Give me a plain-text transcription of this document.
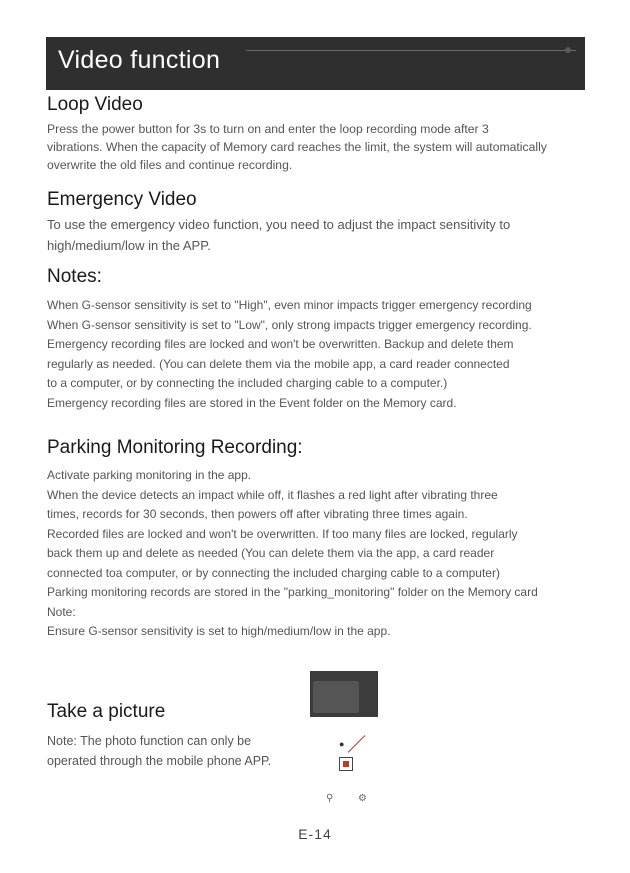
Video function
Loop Video
Press the power button for 3s to turn on and enter the loop recording mode after 3
vibrations. When the capacity of Memory card reaches the limit, the system will automatically
overwrite the old files and continue recording.
Emergency Video
To use the emergency video function, you need to adjust the impact sensitivity to
high/medium/low in the APP.
Notes:
When G-sensor sensitivity is set to "High", even minor impacts trigger emergency recording
When G-sensor sensitivity is set to "Low", only strong impacts trigger emergency recording.
Emergency recording files are locked and won't be overwritten. Backup and delete them
regularly as needed. (You can delete them via the mobile app, a card reader connected
to a computer, or by connecting the included charging cable to a computer.)
Emergency recording files are stored in the Event folder on the Memory card.
Parking Monitoring Recording:
Activate parking monitoring in the app.
When the device detects an impact while off, it flashes a red light after vibrating three
times, records for 30 seconds, then powers off after vibrating three times again.
Recorded files are locked and won't be overwritten. If too many files are locked, regularly
back them up and delete as needed (You can delete them via the app, a card reader
connected toa computer, or by connecting the included charging cable to a computer)
Parking monitoring records are stored in the "parking_monitoring" folder on the Memory card
Note:
Ensure G-sensor sensitivity is set to high/medium/low in the app.
Take a picture
Note: The photo function can only be
operated through the mobile phone APP.
●
⚲ ⚙
E-14
